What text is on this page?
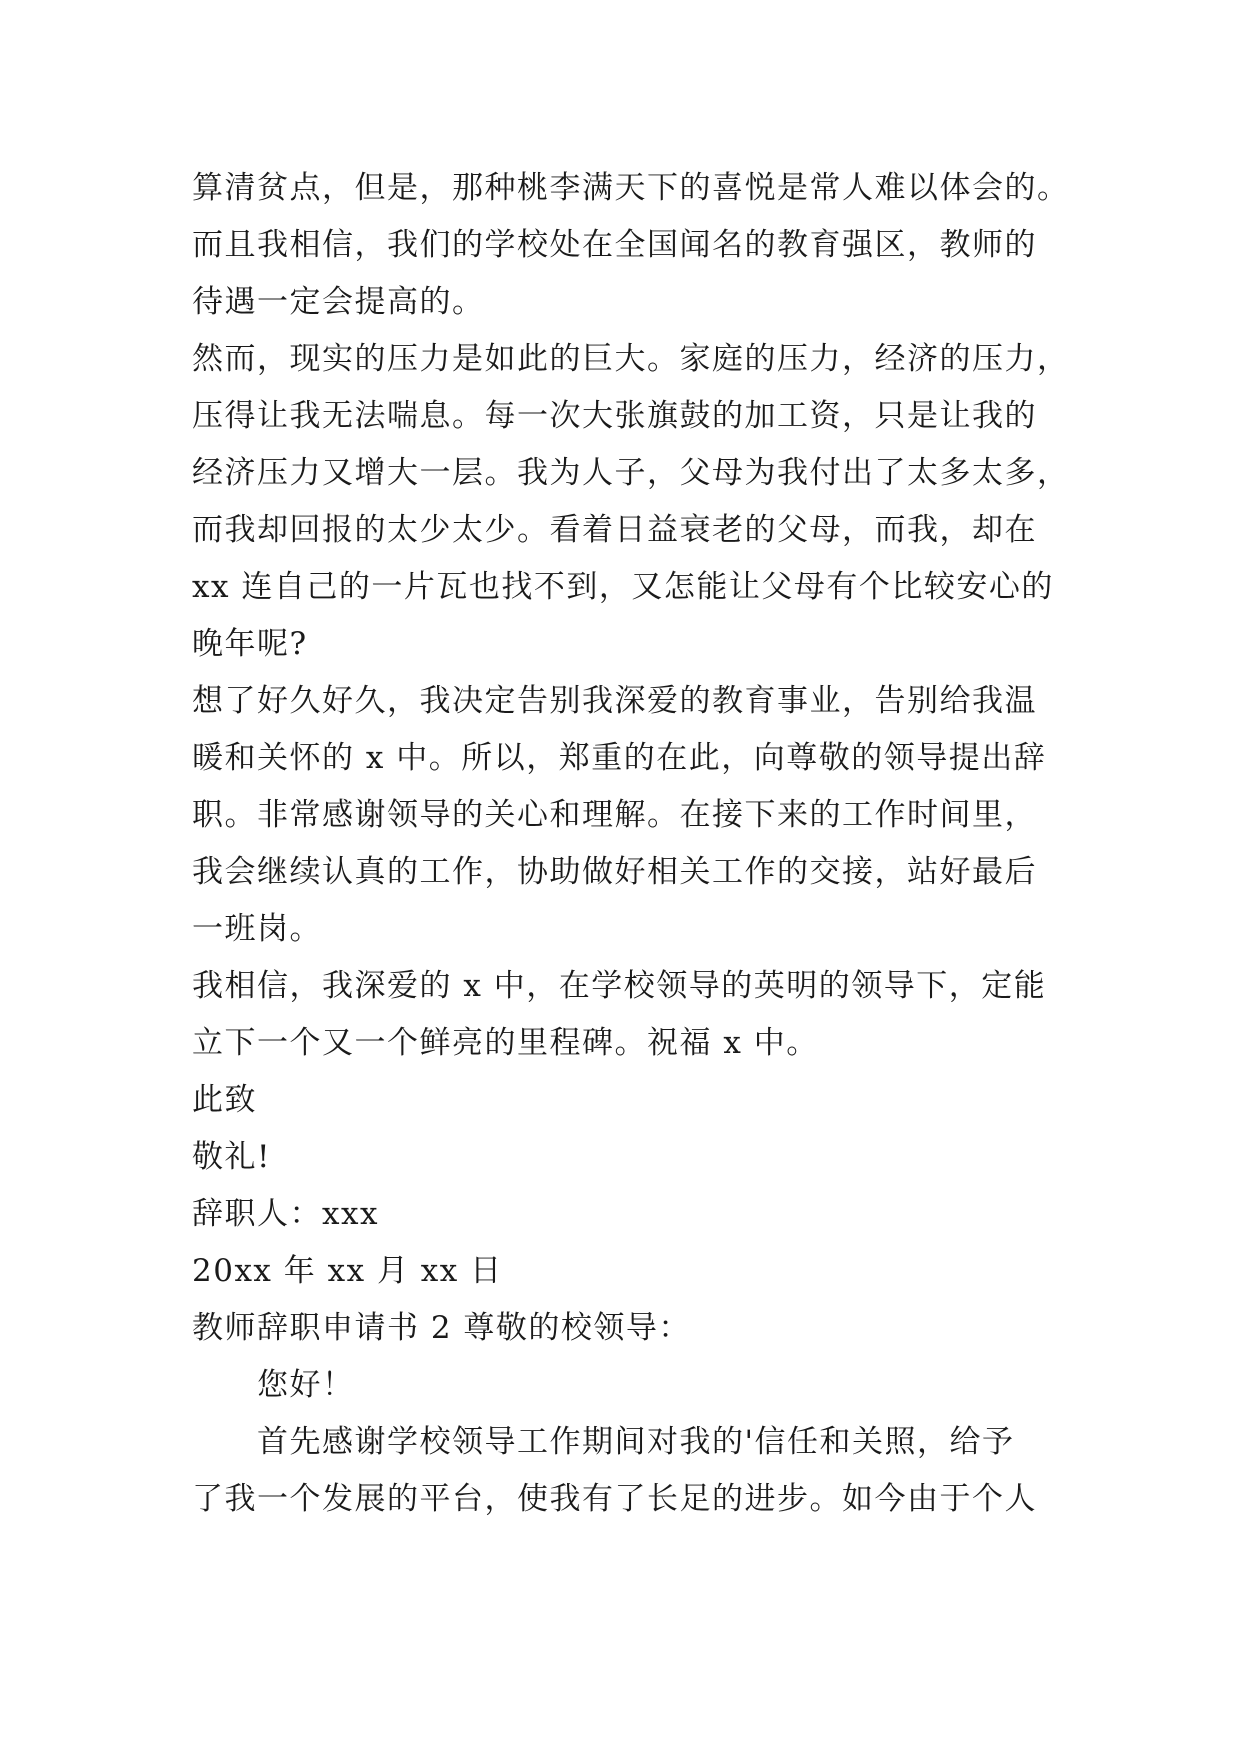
算清贫点，但是，那种桃李满天下的喜悦是常人难以体会的。
而且我相信，我们的学校处在全国闻名的教育强区，教师的
待遇一定会提高的。
然而，现实的压力是如此的巨大。家庭的压力，经济的压力，
压得让我无法喘息。每一次大张旗鼓的加工资，只是让我的
经济压力又增大一层。我为人子，父母为我付出了太多太多，
而我却回报的太少太少。看着日益衰老的父母，而我，却在
xx 连自己的一片瓦也找不到，又怎能让父母有个比较安心的
晚年呢?
想了好久好久，我决定告别我深爱的教育事业，告别给我温
暖和关怀的 x 中。所以，郑重的在此，向尊敬的领导提出辞
职。非常感谢领导的关心和理解。在接下来的工作时间里，
我会继续认真的工作，协助做好相关工作的交接，站好最后
一班岗。
我相信，我深爱的 x 中，在学校领导的英明的领导下，定能
立下一个又一个鲜亮的里程碑。祝福 x 中。
此致
敬礼!
辞职人：xxx
20xx 年 xx 月 xx 日
教师辞职申请书 2 尊敬的校领导：
您好！
首先感谢学校领导工作期间对我的'信任和关照，给予
了我一个发展的平台，使我有了长足的进步。如今由于个人
